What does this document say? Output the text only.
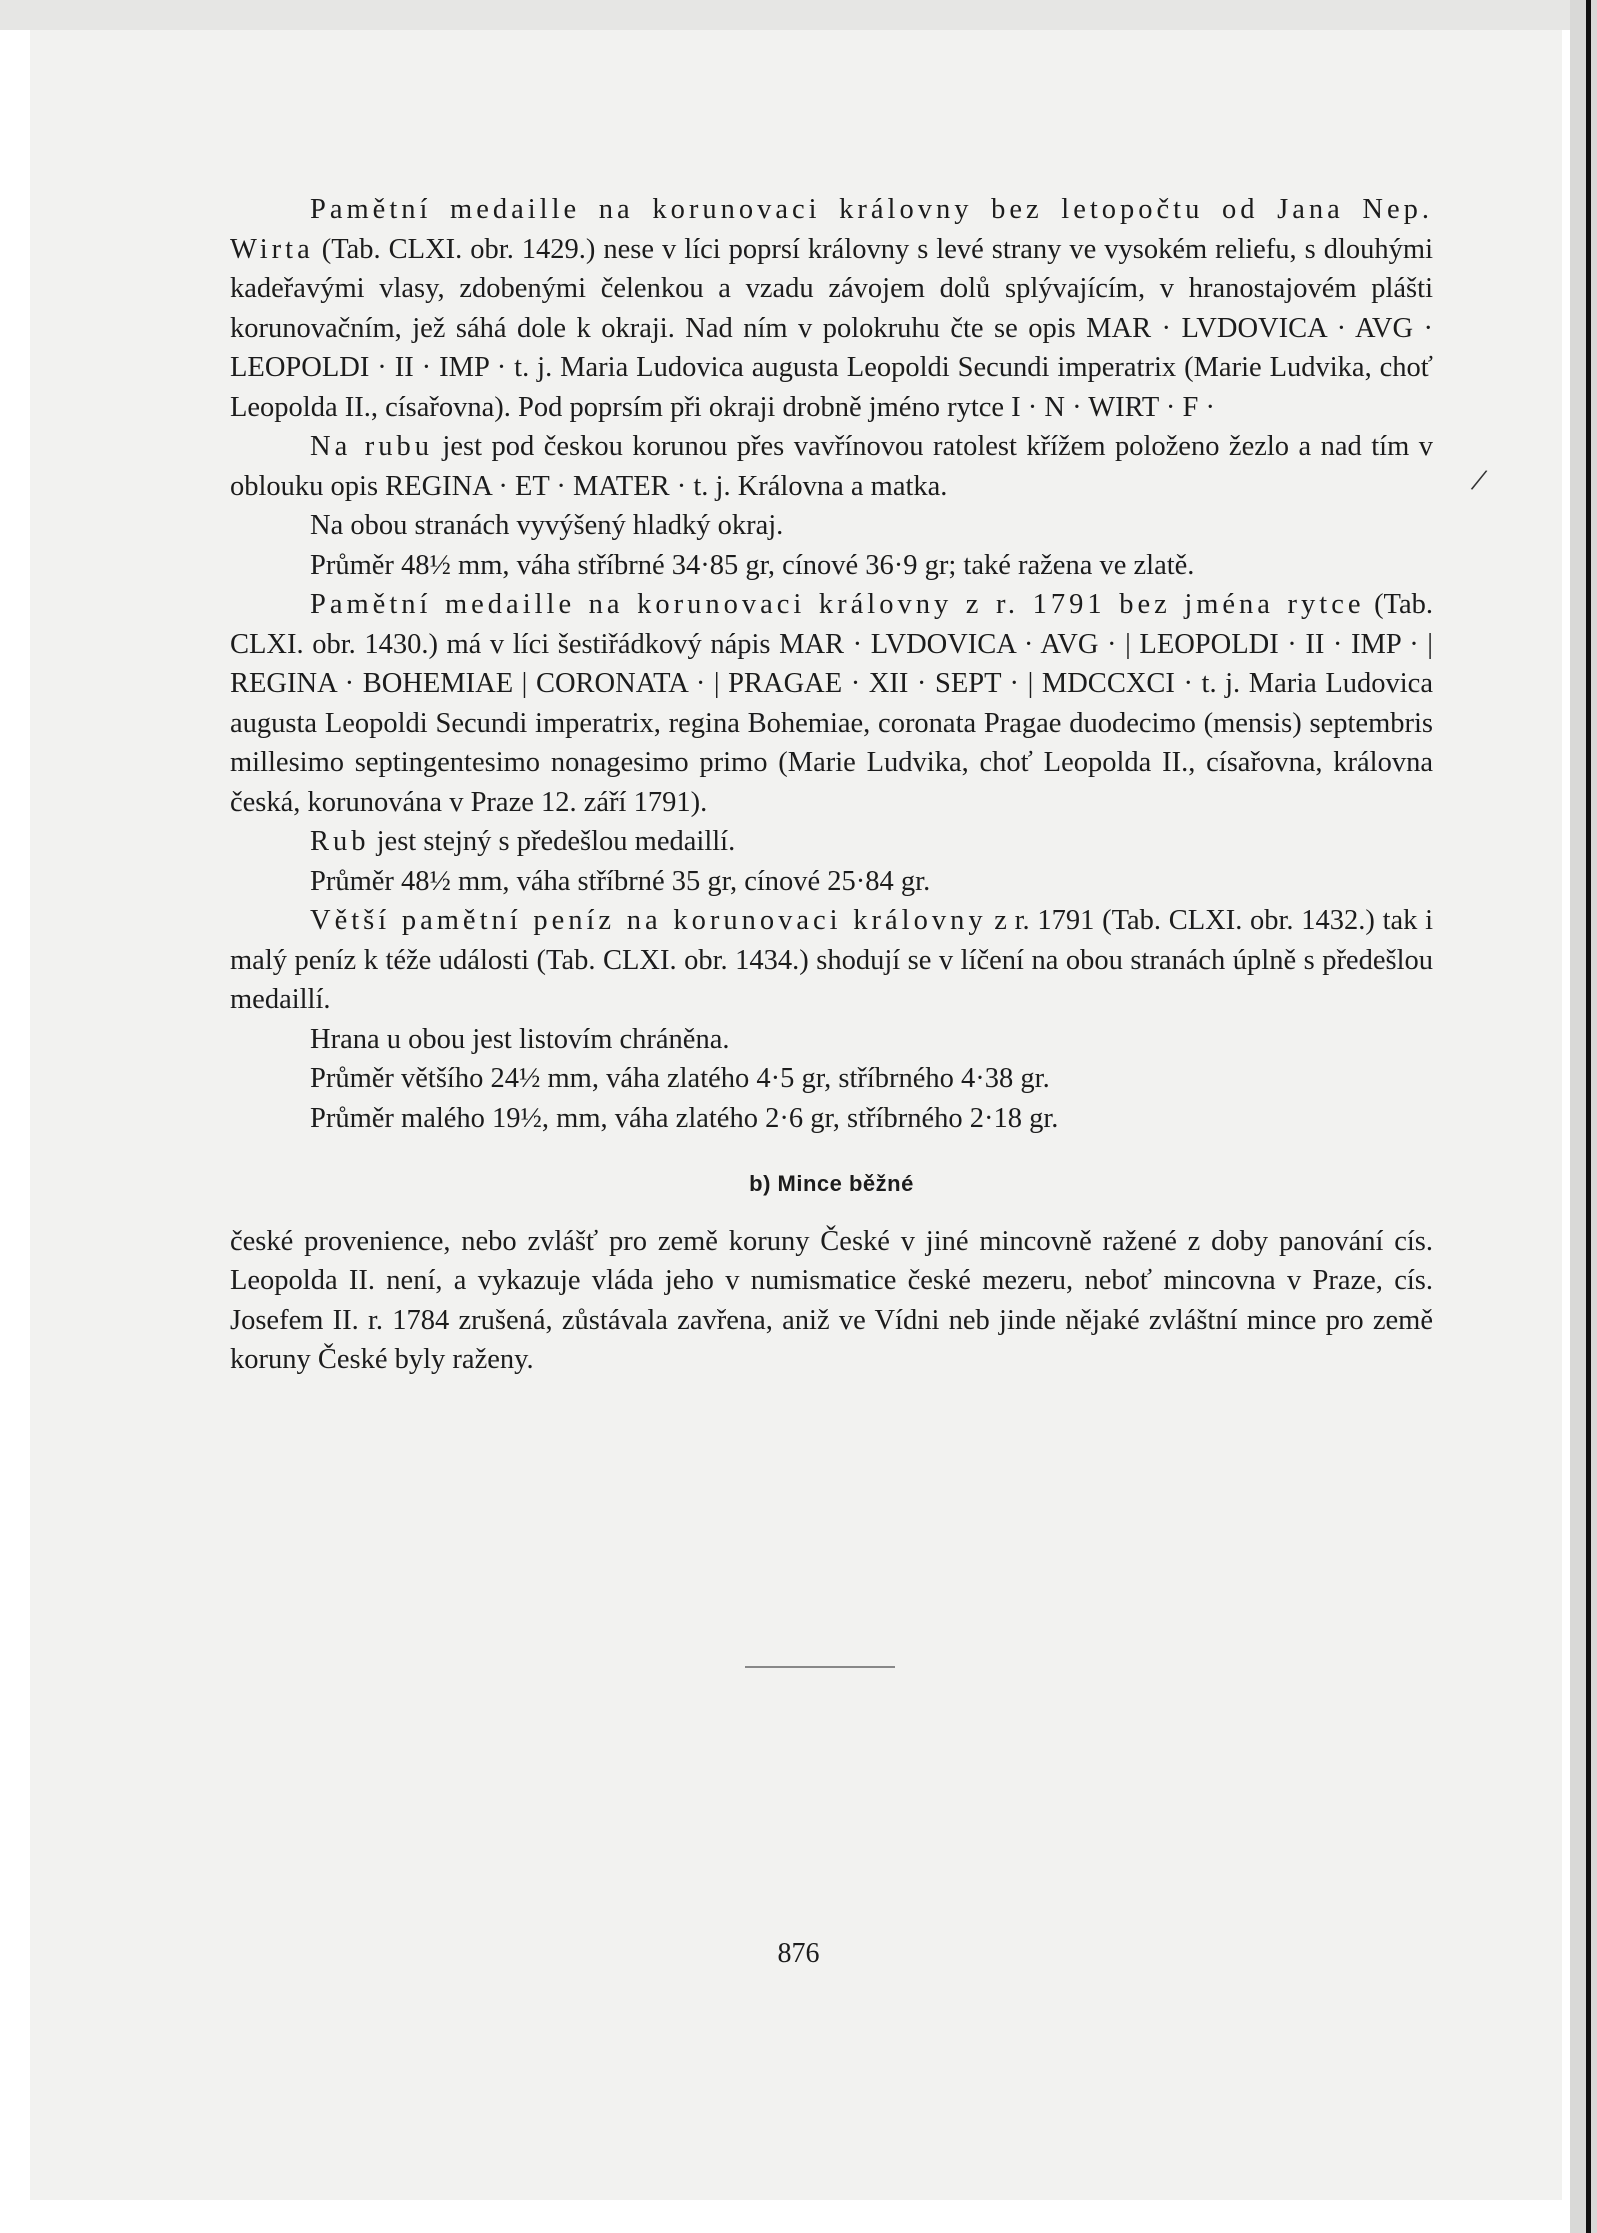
Pamětní medaille na korunovaci královny bez letopočtu od Jana Nep. Wirta (Tab. CLXI. obr. 1429.) nese v líci poprsí královny s levé strany ve vysokém reliefu, s dlouhými kadeřavými vlasy, zdobenými čelenkou a vzadu závojem dolů splývajícím, v hranostajovém plášti korunovačním, jež sáhá dole k okraji. Nad ním v polokruhu čte se opis MAR · LVDOVICA · AVG · LEOPOLDI · II · IMP · t. j. Maria Ludovica augusta Leopoldi Secundi imperatrix (Marie Ludvika, choť Leopolda II., císařovna). Pod poprsím při okraji drobně jméno rytce I · N · WIRT · F ·

Na rubu jest pod českou korunou přes vavřínovou ratolest křížem položeno žezlo a nad tím v oblouku opis REGINA · ET · MATER · t. j. Královna a matka.

Na obou stranách vyvýšený hladký okraj.

Průměr 48½ mm, váha stříbrné 34·85 gr, cínové 36·9 gr; také ražena ve zlatě.

Pamětní medaille na korunovaci královny z r. 1791 bez jména rytce (Tab. CLXI. obr. 1430.) má v líci šestiřádkový nápis MAR · LVDOVICA · AVG · | LEOPOLDI · II · IMP · | REGINA · BOHEMIAE | CORONATA · | PRAGAE · XII · SEPT · | MDCCXCI · t. j. Maria Ludovica augusta Leopoldi Secundi imperatrix, regina Bohemiae, coronata Pragae duodecimo (mensis) septembris millesimo septingentesimo nonagesimo primo (Marie Ludvika, choť Leopolda II., císařovna, královna česká, korunována v Praze 12. září 1791).

Rub jest stejný s předešlou medaillí.

Průměr 48½ mm, váha stříbrné 35 gr, cínové 25·84 gr.

Větší pamětní peníz na korunovaci královny z r. 1791 (Tab. CLXI. obr. 1432.) tak i malý peníz k téže události (Tab. CLXI. obr. 1434.) shodují se v líčení na obou stranách úplně s předešlou medaillí.

Hrana u obou jest listovím chráněna.

Průměr většího 24½ mm, váha zlatého 4·5 gr, stříbrného 4·38 gr.

Průměr malého 19½, mm, váha zlatého 2·6 gr, stříbrného 2·18 gr.

b) Mince běžné

české provenience, nebo zvlášť pro země koruny České v jiné mincovně ražené z doby panování cís. Leopolda II. není, a vykazuje vláda jeho v numismatice české mezeru, neboť mincovna v Praze, cís. Josefem II. r. 1784 zrušená, zůstávala zavřena, aniž ve Vídni neb jinde nějaké zvláštní mince pro země koruny České byly raženy.

/
876
